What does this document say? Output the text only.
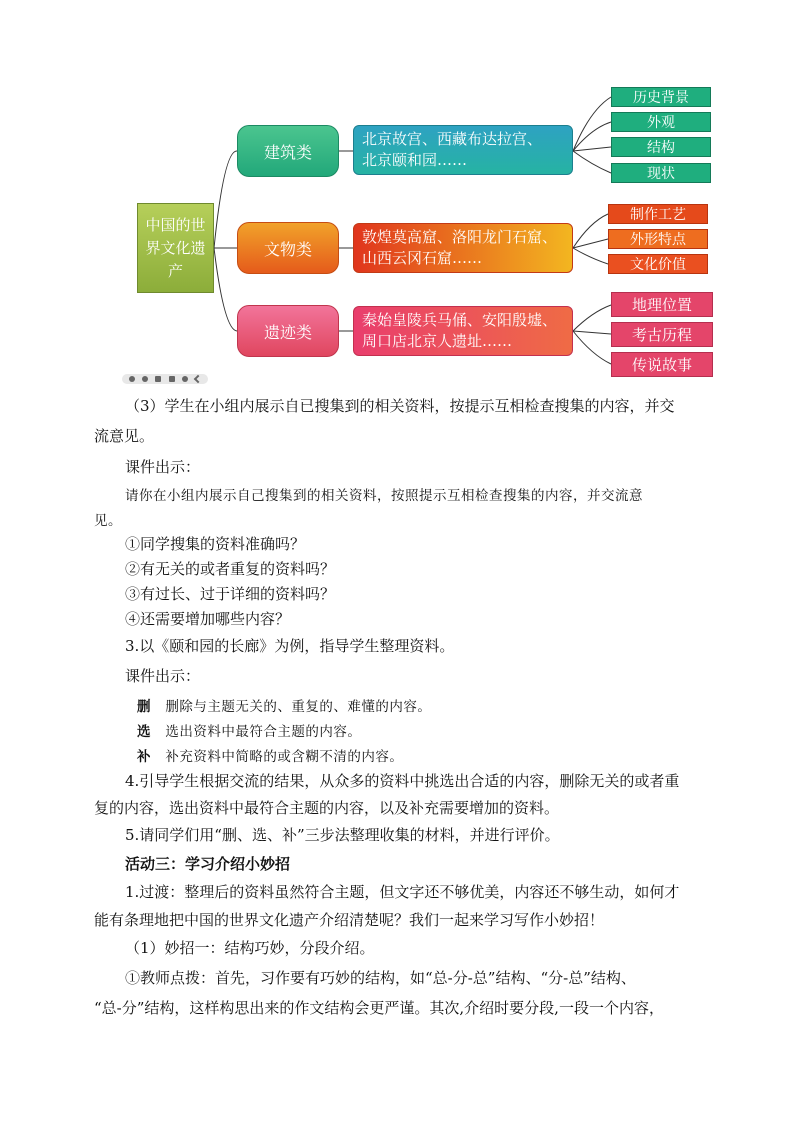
中国的世界文化遗产
建筑类
文物类
遗迹类
北京故宫、西藏布达拉宫、
北京颐和园……
敦煌莫高窟、洛阳龙门石窟、
山西云冈石窟……
秦始皇陵兵马俑、安阳殷墟、
周口店北京人遗址……
历史背景
外观
结构
现状
制作工艺
外形特点
文化价值
地理位置
考古历程
传说故事
（3）学生在小组内展示自已搜集到的相关资料，按提示互相检查搜集的内容，并交
流意见。
课件出示：
请你在小组内展示自己搜集到的相关资料，按照提示互相检查搜集的内容，并交流意
见。
①同学搜集的资料准确吗？
②有无关的或者重复的资料吗？
③有过长、过于详细的资料吗？
④还需要增加哪些内容？
3.以《颐和园的长廊》为例，指导学生整理资料。
课件出示：
删 删除与主题无关的、重复的、难懂的内容。
选 选出资料中最符合主题的内容。
补 补充资料中简略的或含糊不清的内容。
4.引导学生根据交流的结果，从众多的资料中挑选出合适的内容，删除无关的或者重
复的内容，选出资料中最符合主题的内容，以及补充需要增加的资料。
5.请同学们用“删、选、补”三步法整理收集的材料，并进行评价。
活动三：学习介绍小妙招
1.过渡：整理后的资料虽然符合主题，但文字还不够优美，内容还不够生动，如何才
能有条理地把中国的世界文化遗产介绍清楚呢？我们一起来学习写作小妙招！
（1）妙招一：结构巧妙，分段介绍。
①教师点拨：首先，习作要有巧妙的结构，如“总-分-总”结构、“分-总”结构、
“总-分”结构，这样构思出来的作文结构会更严谨。其次,介绍时要分段,一段一个内容，
